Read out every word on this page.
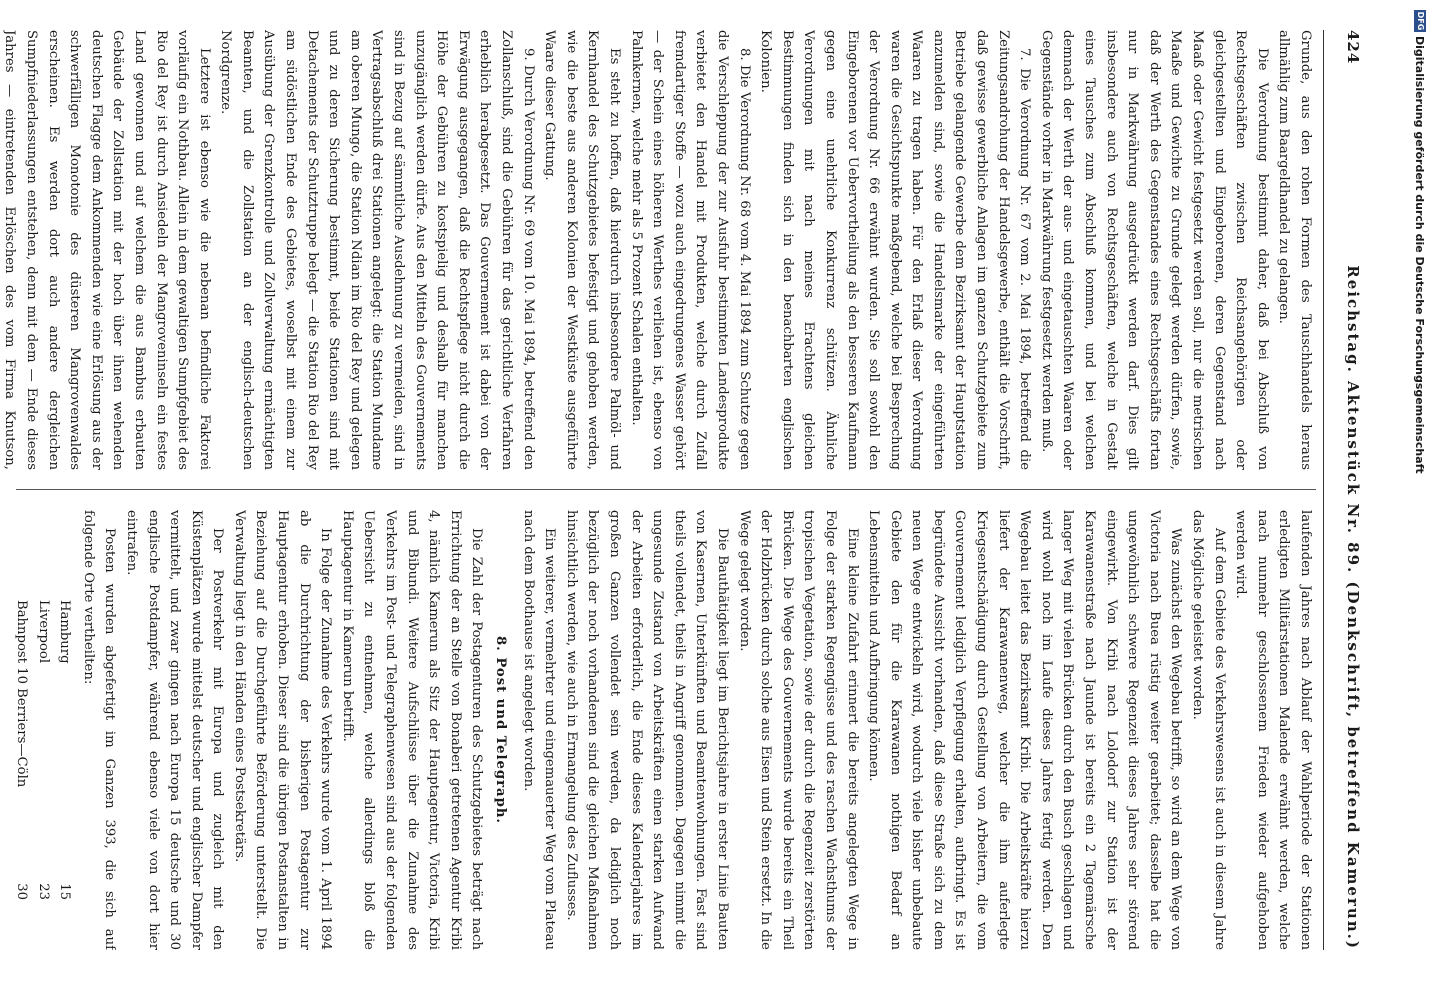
DFG
Digitalisierung gefördert durch die Deutsche Forschungsgemeinschaft
424
Reichstag. Aktenstück Nr. 89. (Denkschrift, betreffend Kamerun.)

Grunde, aus den rohen Formen des Tauschhandels heraus allmählig zum Baargeldhandel zu gelangen.

Die Verordnung bestimmt daher, daß bei Abschluß von Rechtsgeschäften zwischen Reichsangehörigen oder gleichgestellten und Eingeborenen, deren Gegenstand nach Maaß oder Gewicht festgesetzt werden soll, nur die metrischen Maaße und Gewichte zu Grunde gelegt werden dürfen, sowie, daß der Werth des Gegenstandes eines Rechtsgeschäfts fortan nur in Markwährung ausgedrückt werden darf. Dies gilt insbesondere auch von Rechtsgeschäften, welche in Gestalt eines Tausches zum Abschluß kommen, und bei welchen demnach der Werth der aus- und eingetauschten Waaren oder Gegenstände vorher in Markwährung festgesetzt werden muß.

7. Die Verordnung Nr. 67 vom 2. Mai 1894, betreffend die Zeitungsandrohung der Handelsgewerbe, enthält die Vorschrift, daß gewisse gewerbliche Anlagen im ganzen Schutzgebiete zum Betriebe gelangende Gewerbe dem Bezirksamt der Hauptstation anzumelden sind, sowie die Handelsmarke der eingeführten Waaren zu tragen haben. Für den Erlaß dieser Verordnung waren die Gesichtspunkte maßgebend, welche bei Besprechung der Verordnung Nr. 66 erwähnt wurden. Sie soll sowohl den Eingeborenen vor Uebervortheilung als den besseren Kaufmann gegen eine unehrliche Konkurrenz schützen. Ähnliche Verordnungen mit nach meines Erachtens gleichen Bestimmungen finden sich in den benachbarten englischen Kolonien.

8. Die Verordnung Nr. 68 vom 4. Mai 1894 zum Schutze gegen die Verschleppung der zur Ausfuhr bestimmten Landesprodukte verbietet den Handel mit Produkten, welche durch Zufall fremdartiger Stoffe — wozu auch eingedrungenes Wasser gehört — der Schein eines höheren Werthes verliehen ist, ebenso von Palmkernen, welche mehr als 5 Prozent Schalen enthalten.

Es steht zu hoffen, daß hierdurch insbesondere Palmöl- und Kernhandel des Schutzgebietes befestigt und gehoben werden, wie die beste aus anderen Kolonien der Westküste ausgeführte Waare dieser Gattung.

9. Durch Verordnung Nr. 69 vom 10. Mai 1894, betreffend den Zollanschluß, sind die Gebühren für das gerichtliche Verfahren erheblich herabgesetzt. Das Gouvernement ist dabei von der Erwägung ausgegangen, daß die Rechtspflege nicht durch die Höhe der Gebühren zu kostspielig und deshalb für manchen unzugänglich werden dürfe. Aus den Mitteln des Gouvernements sind in Bezug auf sämmtliche Ausdehnung zu vermeiden, sind in Vertragsabschluß drei Stationen angelegt: die Station Mundame am oberen Mungo, die Station Ndian im Rio del Rey und gelegen und zu deren Sicherung bestimmt, beide Stationen sind mit Detachements der Schutztruppe belegt — die Station Rio del Rey am südöstlichen Ende des Gebietes, woselbst mit einem zur Ausübung der Grenzkontrolle und Zollverwaltung ermächtigten Beamten, und die Zollstation an der englisch-deutschen Nordgrenze.

Letztere ist ebenso wie die nebenan befindliche Faktorei vorläufig ein Nothbau. Allein in dem gewaltigen Sumpfgebiet des Rio del Rey ist durch Ansiedeln der Mangroveninseln ein festes Land gewonnen und auf welchem die aus Bambus erbauten Gebäude der Zollstation mit der hoch über ihnen wehenden deutschen Flagge dem Ankommenden wie eine Erlösung aus der schwerfälligen Monotonie des düsteren Mangrovenwaldes erscheinen. Es werden dort auch andere dergleichen Sumpfniederlassungen entstehen, denn mit dem — Ende dieses Jahres — eintretenden Erlöschen des vom Firma Knutson,

laufenden Jahres nach Ablauf der Wahlperiode der Stationen erledigten Militärstationen Malende erwähnt werden, welche nach nunmehr geschlossenem Frieden wieder aufgehoben werden wird.

Auf dem Gebiete des Verkehrswesens ist auch in diesem Jahre das Mögliche geleistet worden.

Was zunächst den Wegebau betrifft, so wird an dem Wege von Victoria nach Buea rüstig weiter gearbeitet; dasselbe hat die ungewöhnlich schwere Regenzeit dieses Jahres sehr störend eingewirkt. Von Kribi nach Lolodorf zur Station ist der Karawanenstraße nach Jaunde ist bereits ein 2 Tagemärsche langer Weg mit vielen Brücken durch den Busch geschlagen und wird wohl noch im Laufe dieses Jahres fertig werden. Den Wegebau leitet das Bezirksamt Kribi. Die Arbeitskräfte hierzu liefert der Karawanenweg, welcher die ihm auferlegte Kriegsentschädigung durch Gestellung von Arbeitern, die vom Gouvernement lediglich Verpflegung erhalten, aufbringt. Es ist begründete Aussicht vorhanden, daß diese Straße sich zu dem neuen Wege entwickeln wird, wodurch viele bisher unbebaute Gebiete den für die Karawanen nothigen Bedarf an Lebensmitteln und Aufbringung können.

Eine kleine Zufahrt erinnert die bereits angelegten Wege in Folge der starken Regengüsse und des raschen Wachsthums der tropischen Vegetation, sowie der durch die Regenzeit zerstörten Brücken. Die Wege des Gouvernements wurde bereits ein Theil der Holzbrücken durch solche aus Eisen und Stein ersetzt. In die Wege gelegt worden.

Die Bauthätigkeit liegt im Berichtsjahre in erster Linie Bauten von Kasernen, Unterkünften und Beamtenwohnungen. Fast sind theils vollendet, theils in Angriff genommen. Dagegen nimmt die ungesunde Zustand von Arbeitskräften einen starken Aufwand der Arbeiten erforderlich, die Ende dieses Kalenderjahres im großen Ganzen vollendet sein werden, da lediglich noch bezüglich der noch vorhandenen sind die gleichen Maßnahmen hinsichtlich werden, wie auch in Ermangelung des Zuflusses.

Ein weiterer, vermehrter und eingemauerter Weg vom Plateau nach dem Boothause ist angelegt worden.

8. Post und Telegraph.

Die Zahl der Postagenturen des Schutzgebietes beträgt nach Errichtung der an Stelle von Bonaberi getretenen Agentur Kribi 4, nämlich Kamerun als Sitz der Hauptagentur, Victoria, Kribi und Bibundi. Weitere Aufschlüsse über die Zunahme des Verkehrs im Post- und Telegraphenwesen sind aus der folgenden Uebersicht zu entnehmen, welche allerdings bloß die Hauptagentur in Kamerun betrifft.

In Folge der Zunahme des Verkehrs wurde vom 1. April 1894 ab die Durchrichtung der bisherigen Postagentur zur Hauptagentur erhoben. Dieser sind die übrigen Postanstalten in Beziehung auf die Durchgeführte Beförderung unterstellt. Die Verwaltung liegt in den Händen eines Postsekretärs.

Der Postverkehr mit Europa und zugleich mit den Küstenplätzen wurde mittelst deutscher und englischer Dampfer vermittelt, und zwar gingen nach Europa 15 deutsche und 30 englische Postdampfer, während ebenso viele von dort hier eintrafen.

Posten wurden abgefertigt im Ganzen 393, die sich auf folgende Orte vertheilten:

Hamburg
15
Liverpool
23
Bahnpost 10 Berriers—Cöln
30
